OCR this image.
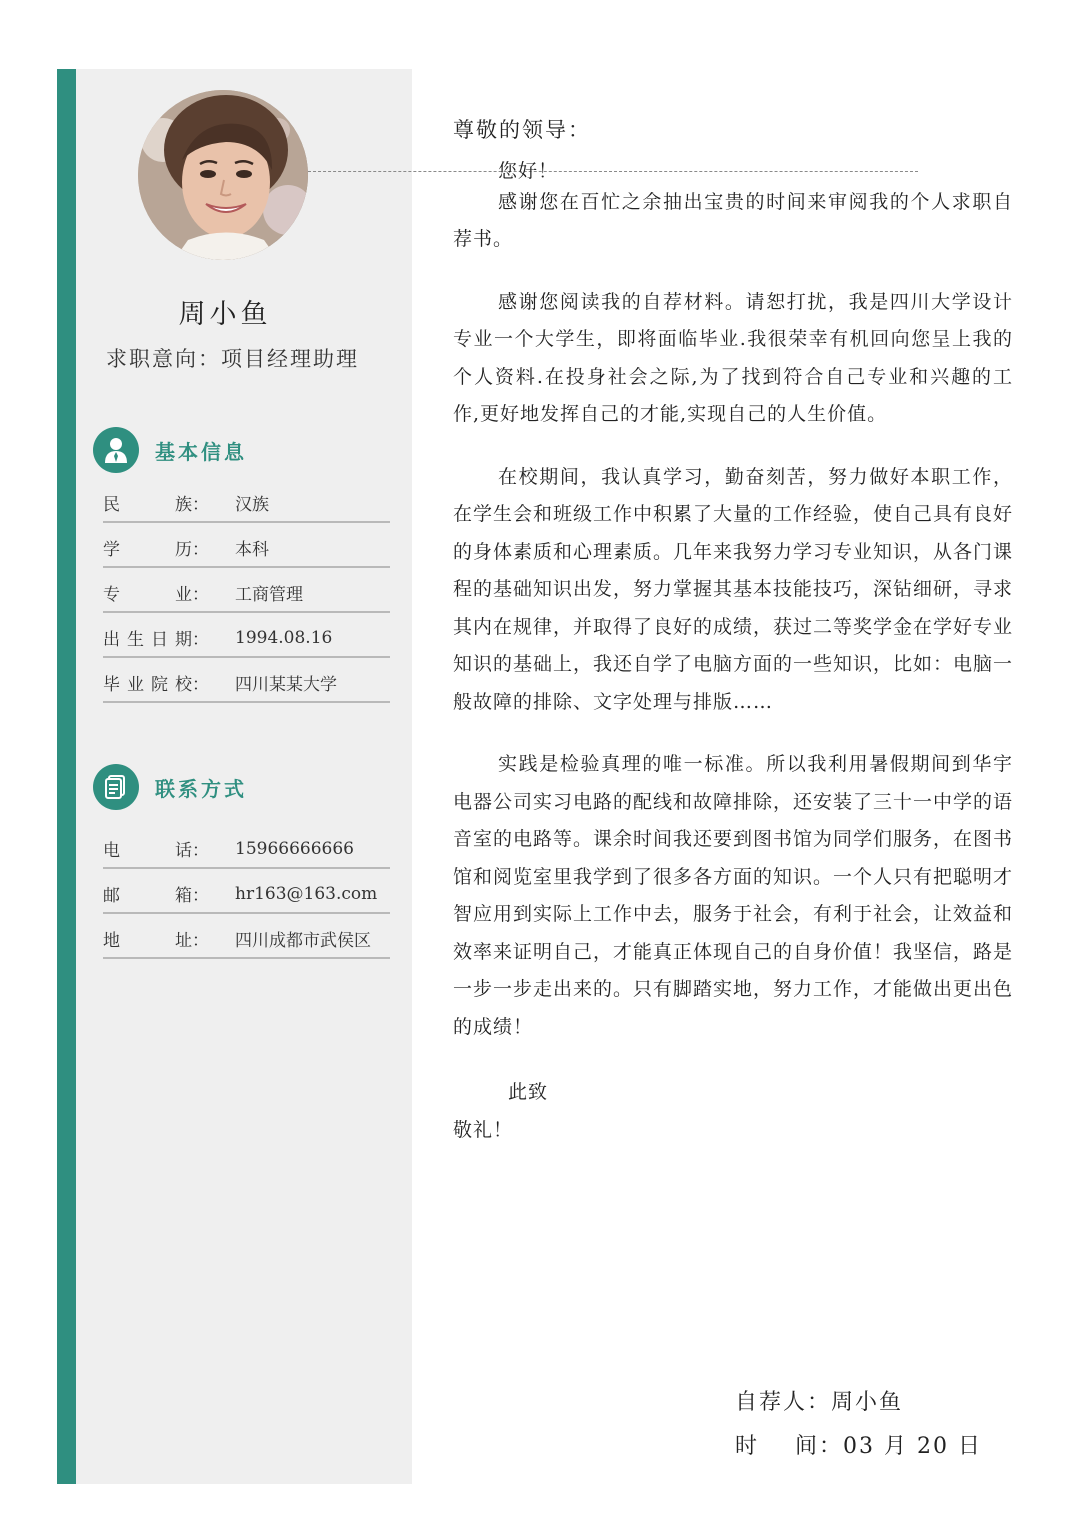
周小鱼
求职意向：项目经理助理
基本信息
民族：	汉族
学历：	本科
专业：	工商管理
出生日期：	1994.08.16
毕业院校：	四川某某大学
联系方式
电话：	15966666666
邮箱：	hr163@163.com
地址：	四川成都市武侯区
尊敬的领导：
您好！

感谢您在百忙之余抽出宝贵的时间来审阅我的个人求职自荐书。

感谢您阅读我的自荐材料。请恕打扰，我是四川大学设计专业一个大学生，即将面临毕业.我很荣幸有机回向您呈上我的个人资料.在投身社会之际,为了找到符合自己专业和兴趣的工作,更好地发挥自己的才能,实现自己的人生价值。

在校期间，我认真学习，勤奋刻苦，努力做好本职工作，在学生会和班级工作中积累了大量的工作经验，使自己具有良好的身体素质和心理素质。几年来我努力学习专业知识，从各门课程的基础知识出发，努力掌握其基本技能技巧，深钻细研，寻求其内在规律，并取得了良好的成绩，获过二等奖学金在学好专业知识的基础上，我还自学了电脑方面的一些知识，比如：电脑一般故障的排除、文字处理与排版……

实践是检验真理的唯一标准。所以我利用暑假期间到华宇电器公司实习电路的配线和故障排除，还安装了三十一中学的语音室的电路等。课余时间我还要到图书馆为同学们服务，在图书馆和阅览室里我学到了很多各方面的知识。一个人只有把聪明才智应用到实际上工作中去，服务于社会，有利于社会，让效益和效率来证明自己，才能真正体现自己的自身价值！我坚信，路是一步一步走出来的。只有脚踏实地，努力工作，才能做出更出色的成绩！

此致
敬礼！
自荐人：周小鱼
时    间：03 月 20 日
